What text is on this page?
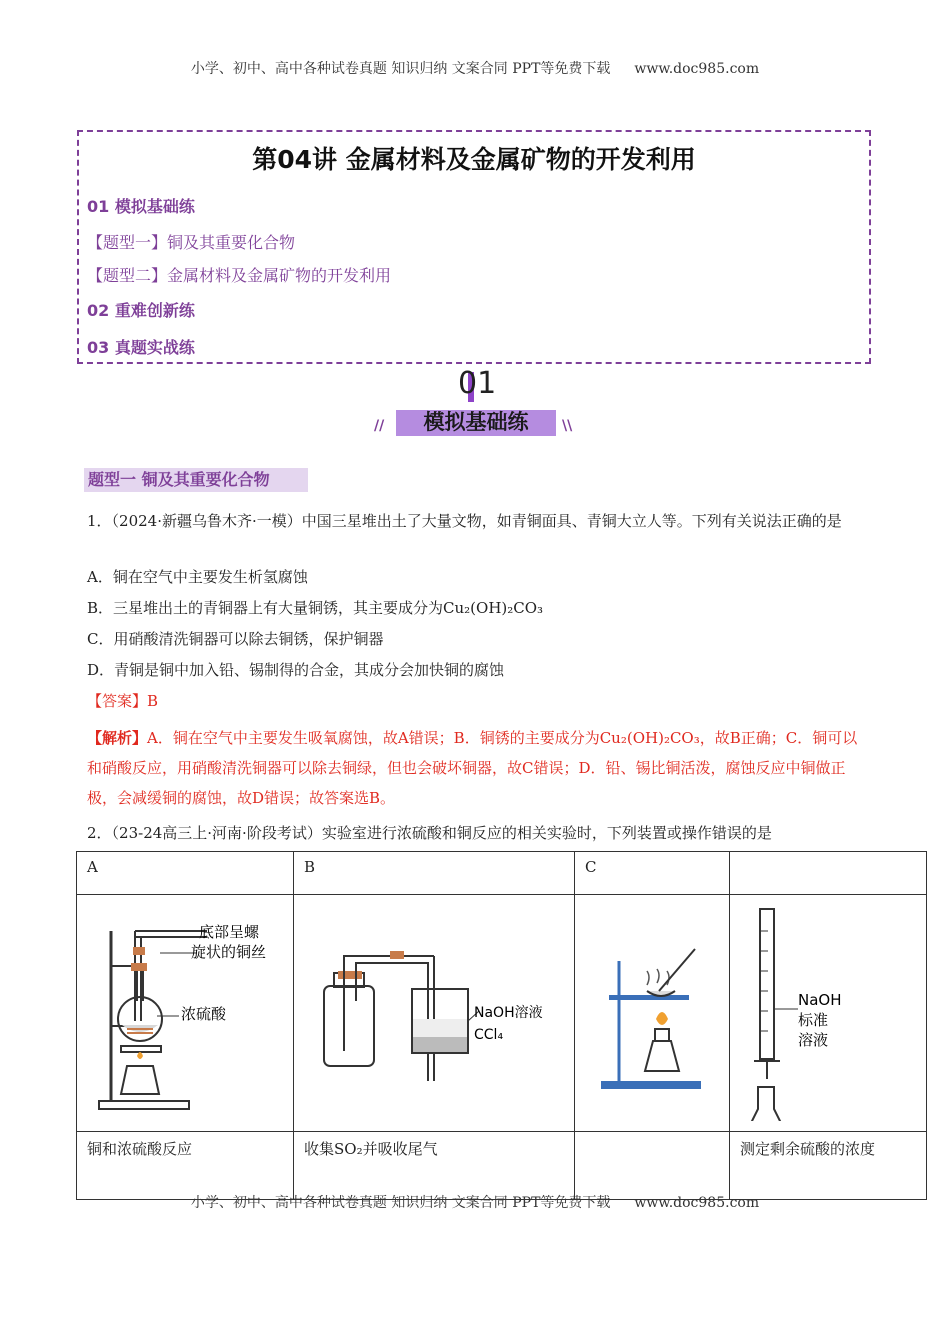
小学、初中、高中各种试卷真题 知识归纳 文案合同 PPT等免费下载 www.doc985.com
第04讲 金属材料及金属矿物的开发利用
01 模拟基础练
【题型一】铜及其重要化合物
【题型二】金属材料及金属矿物的开发利用
02 重难创新练
03 真题实战练
01
模拟基础练
//	\\
题型一 铜及其重要化合物
1．（2024·新疆乌鲁木齐·一模）中国三星堆出土了大量文物，如青铜面具、青铜大立人等。下列有关说法正确的是
A．铜在空气中主要发生析氢腐蚀
B．三星堆出土的青铜器上有大量铜锈，其主要成分为Cu₂(OH)₂CO₃
C．用硝酸清洗铜器可以除去铜锈，保护铜器
D．青铜是铜中加入铅、锡制得的合金，其成分会加快铜的腐蚀
【答案】B
【解析】A．铜在空气中主要发生吸氧腐蚀，故A错误；B．铜锈的主要成分为Cu₂(OH)₂CO₃，故B正确；C．铜可以和硝酸反应，用硝酸清洗铜器可以除去铜绿，但也会破坏铜器，故C错误；D．铅、锡比铜活泼，腐蚀反应中铜做正极，会减缓铜的腐蚀，故D错误；故答案选B。
2．（23-24高三上·河南·阶段考试）实验室进行浓硫酸和铜反应的相关实验时，下列装置或操作错误的是
A	B	C	

底部呈螺
旋状的铜丝
浓硫酸	NaOH溶液
CCl₄		NaOH
标准
溶液

铜和浓硫酸反应	收集SO₂并吸收尾气		测定剩余硫酸的浓度
小学、初中、高中各种试卷真题 知识归纳 文案合同 PPT等免费下载 www.doc985.com
